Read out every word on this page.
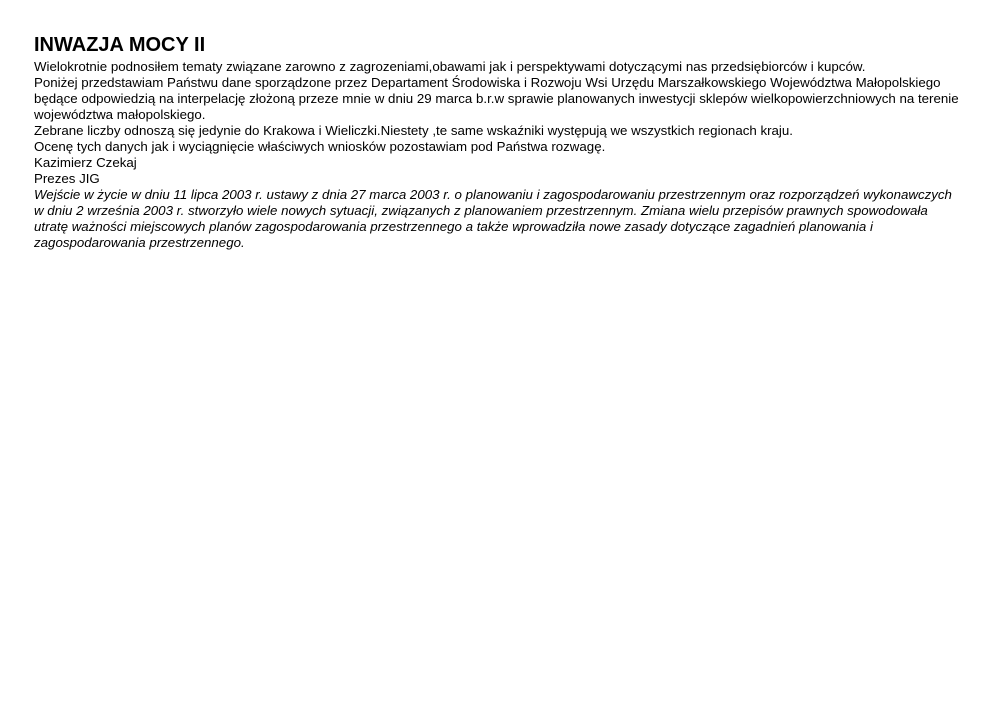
INWAZJA MOCY II

Wielokrotnie podnosiłem tematy związane zarowno z zagrozeniami,obawami jak i perspektywami dotyczącymi nas przedsiębiorców i kupców.

Poniżej przedstawiam Państwu dane sporządzone przez Departament Środowiska i Rozwoju Wsi Urzędu Marszałkowskiego Województwa Małopolskiego będące odpowiedzią na interpelację złożoną przeze mnie w dniu 29 marca b.r.w sprawie planowanych inwestycji sklepów wielkopowierzchniowych na terenie województwa małopolskiego.

Zebrane liczby odnoszą się jedynie do Krakowa i Wieliczki.Niestety ,te same wskaźniki występują we wszystkich regionach kraju.

Ocenę tych danych jak i wyciągnięcie właściwych wniosków pozostawiam pod Państwa rozwagę.

Kazimierz Czekaj

Prezes JIG

Wejście w życie w dniu 11 lipca 2003 r. ustawy z dnia 27 marca 2003 r. o planowaniu i zagospodarowaniu przestrzennym oraz rozporządzeń wykonawczych w dniu 2 września 2003 r. stworzyło wiele nowych sytuacji, związanych z planowaniem przestrzennym. Zmiana wielu przepisów prawnych spowodowała utratę ważności miejscowych planów zagospodarowania przestrzennego a także wprowadziła nowe zasady dotyczące zagadnień planowania i zagospodarowania przestrzennego.
